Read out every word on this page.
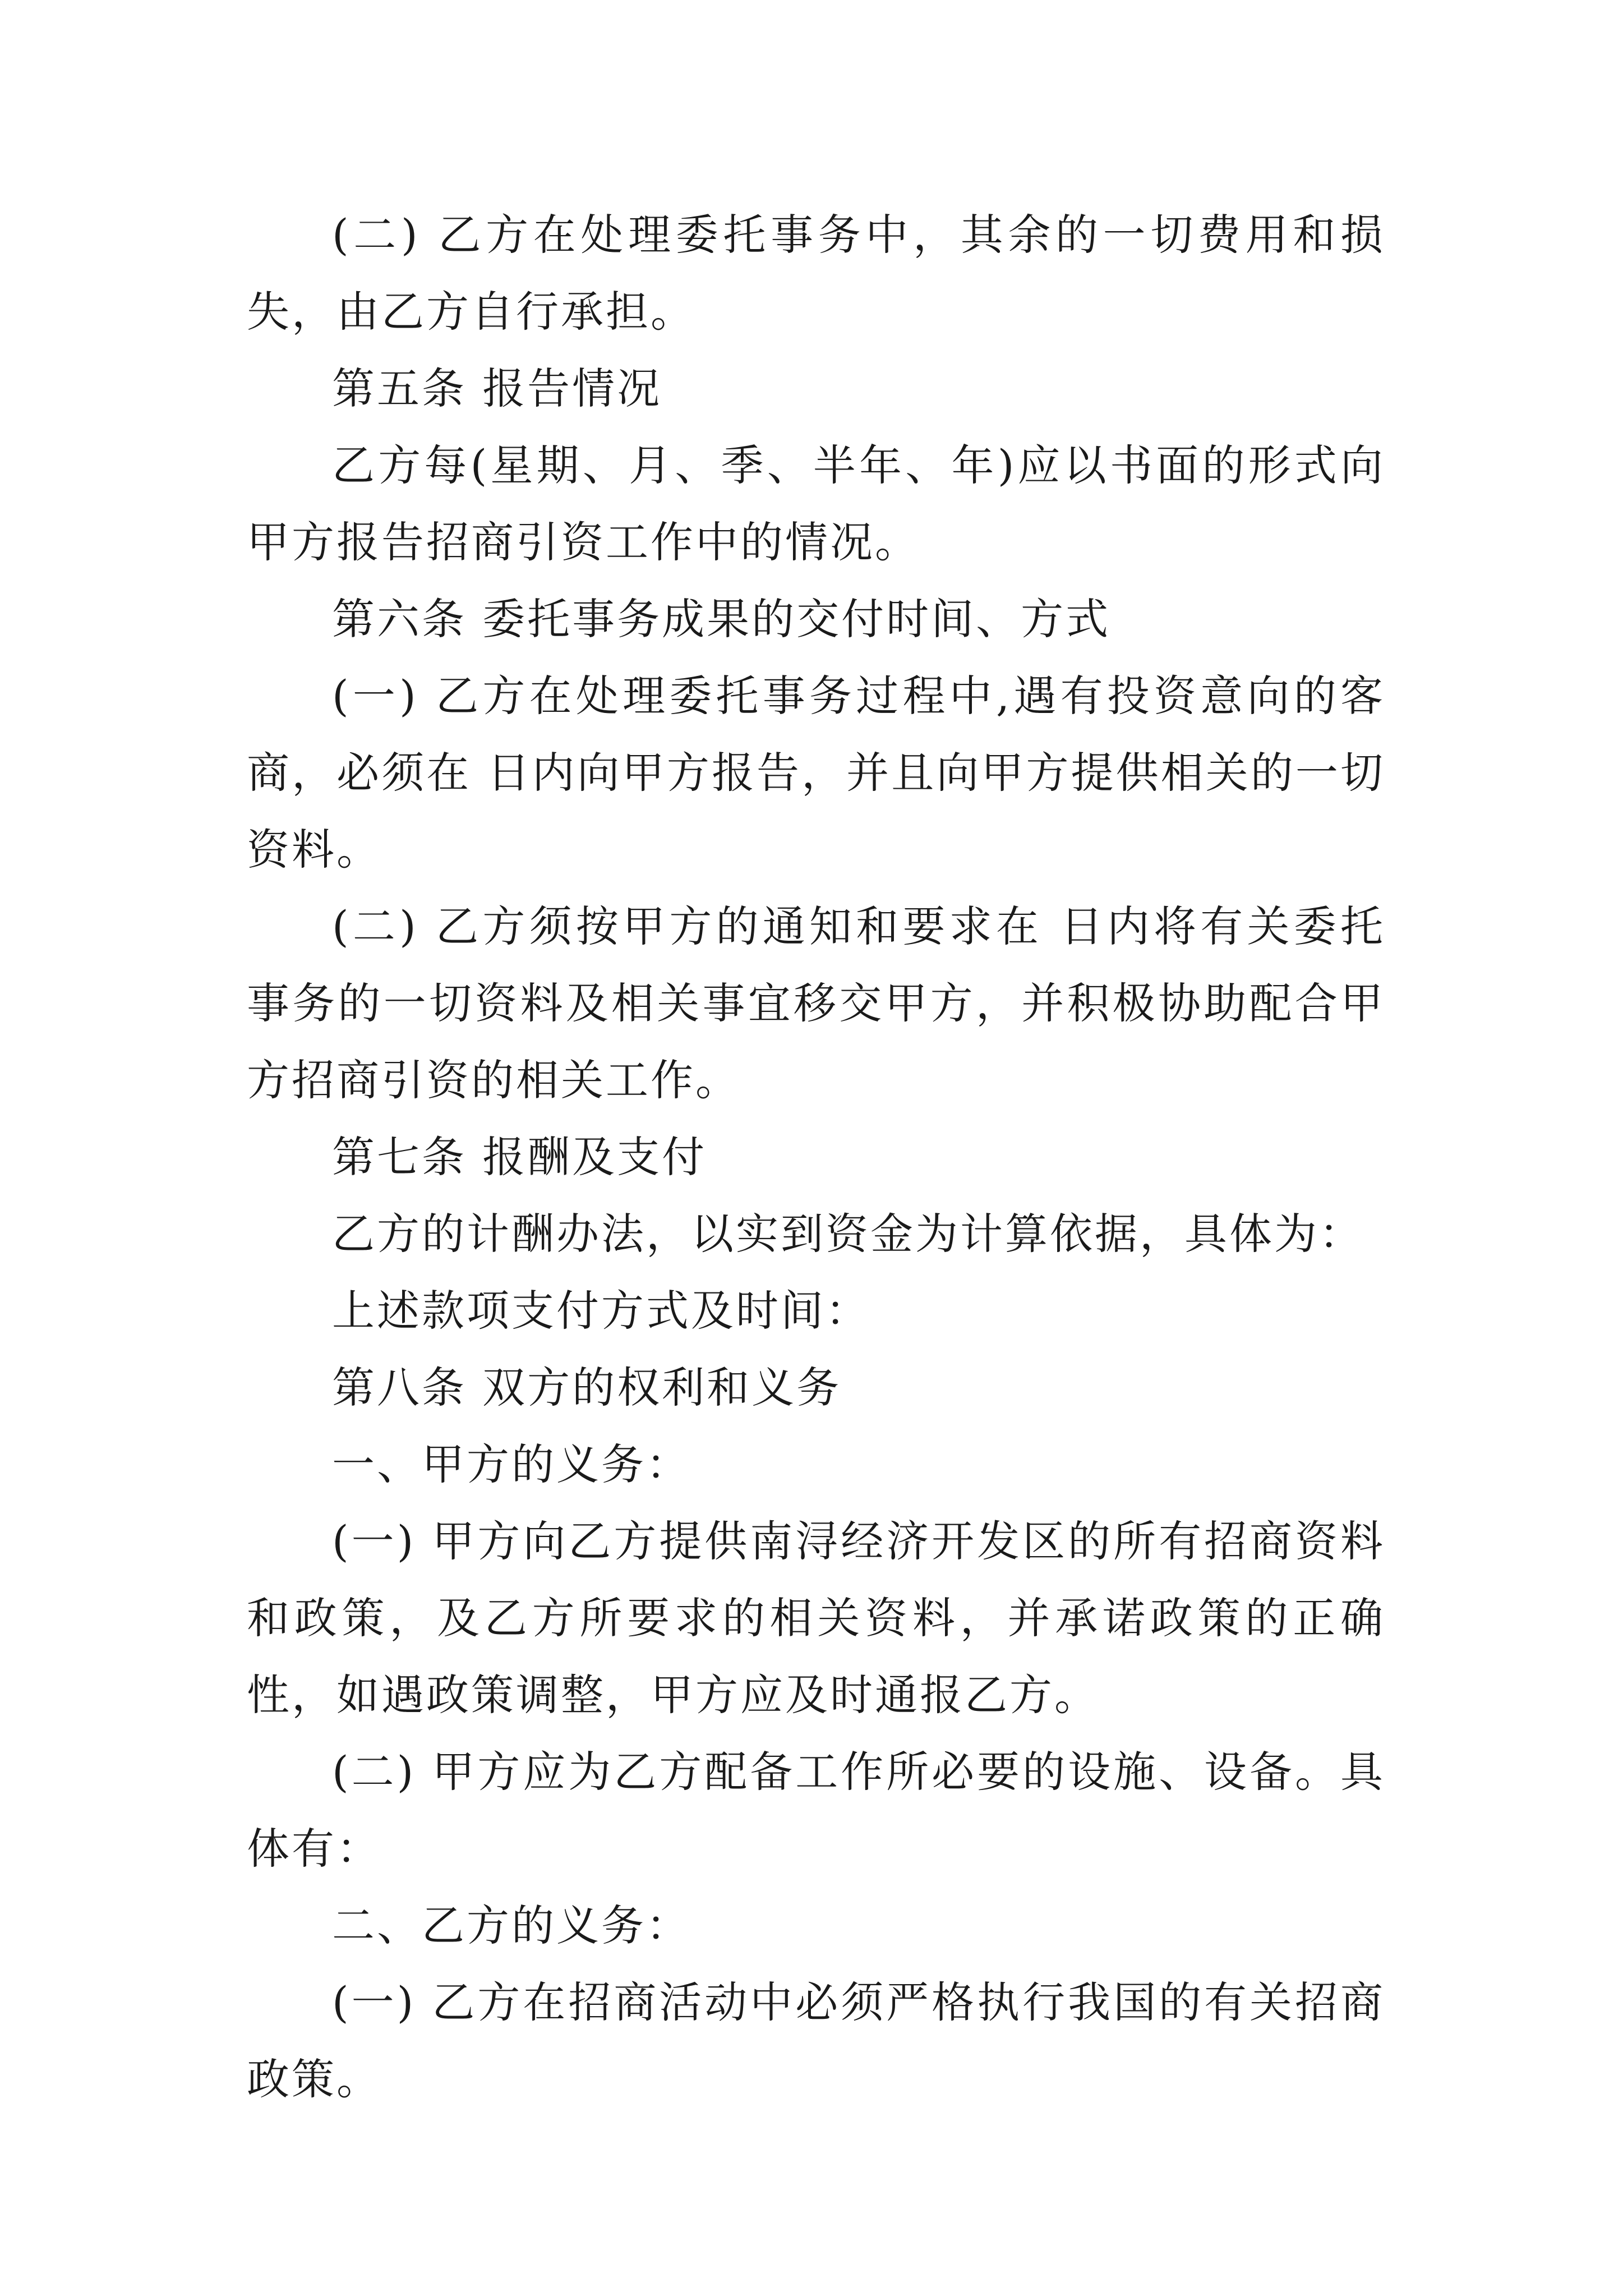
(二) 乙方在处理委托事务中，其余的一切费用和损失，由乙方自行承担。

第五条 报告情况

乙方每(星期、月、季、半年、年)应以书面的形式向甲方报告招商引资工作中的情况。

第六条 委托事务成果的交付时间、方式

(一) 乙方在处理委托事务过程中,遇有投资意向的客商，必须在 日内向甲方报告，并且向甲方提供相关的一切资料。

(二) 乙方须按甲方的通知和要求在 日内将有关委托事务的一切资料及相关事宜移交甲方，并积极协助配合甲方招商引资的相关工作。

第七条 报酬及支付

乙方的计酬办法，以实到资金为计算依据，具体为：

上述款项支付方式及时间：

第八条 双方的权利和义务

一、甲方的义务：

(一) 甲方向乙方提供南浔经济开发区的所有招商资料和政策，及乙方所要求的相关资料，并承诺政策的正确性，如遇政策调整，甲方应及时通报乙方。

(二) 甲方应为乙方配备工作所必要的设施、设备。具体有：

二、乙方的义务：

(一) 乙方在招商活动中必须严格执行我国的有关招商政策。
